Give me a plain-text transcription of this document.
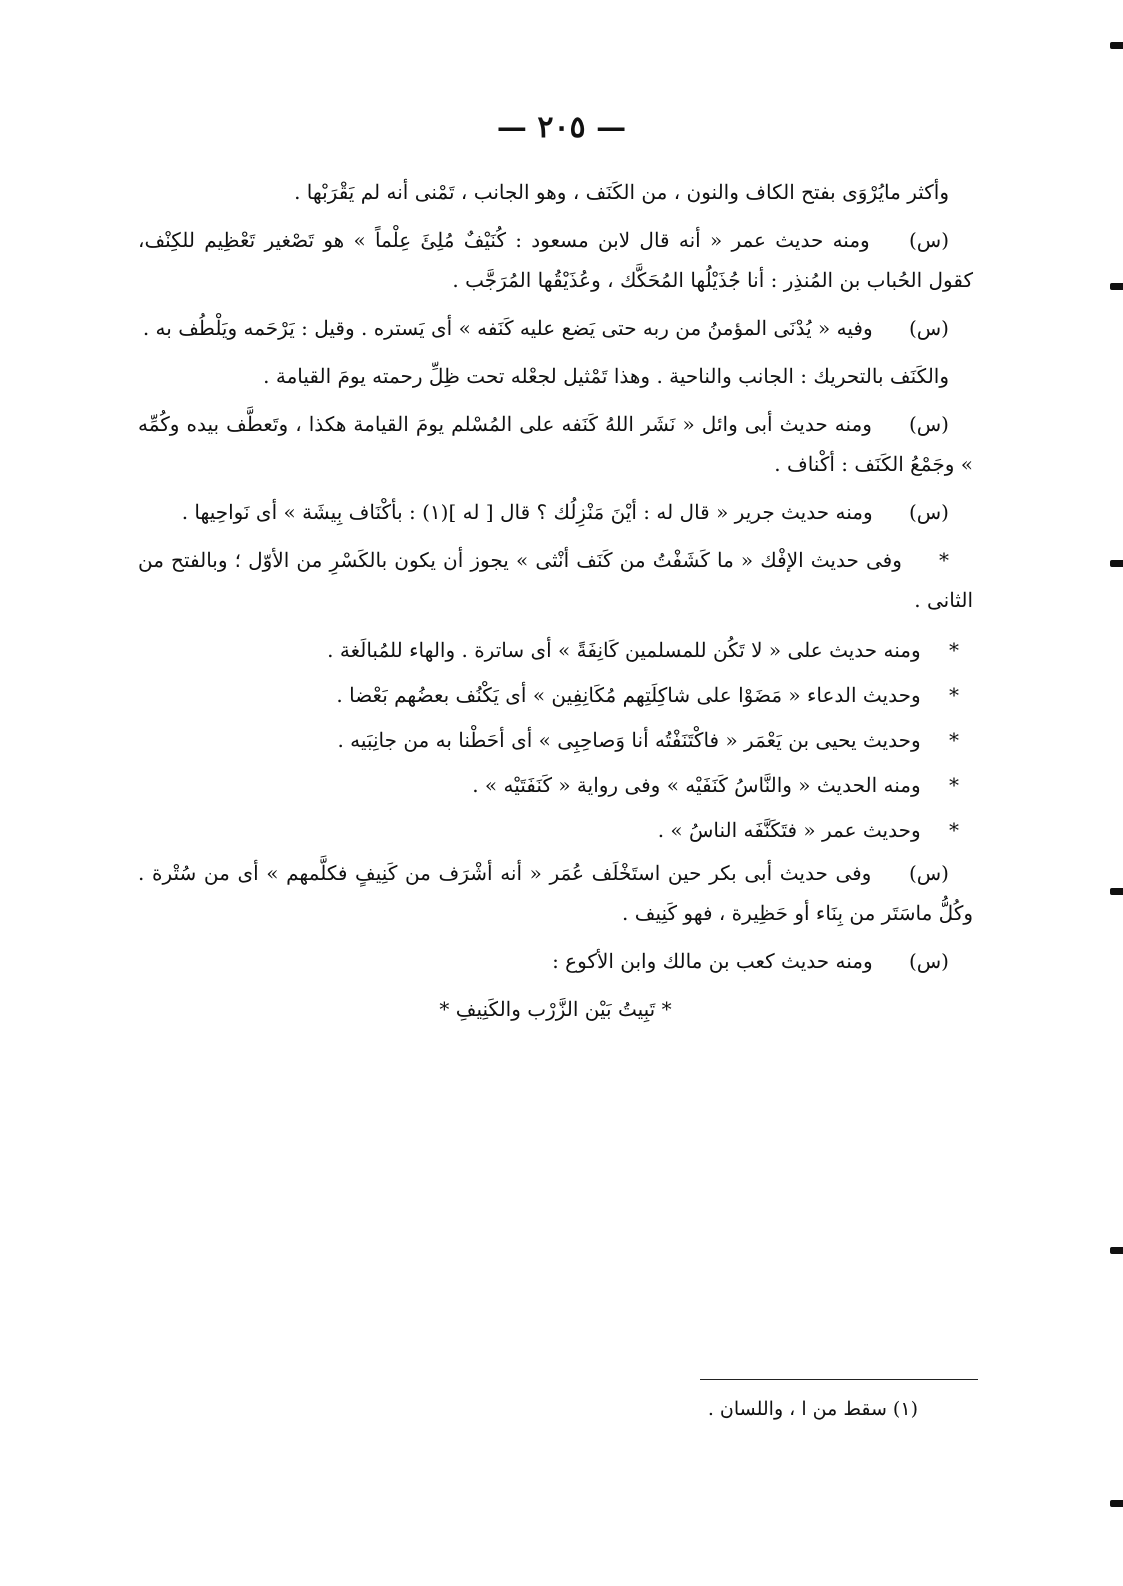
— ٢٠٥ —

وأكثر مايُرْوَى بفتح الكاف والنون ، من الكَنَف ، وهو الجانب ، تَمْنى أنه لم يَقْرَبْها .

(س) ومنه حديث عمر « أنه قال لابن مسعود : كُنَيْفٌ مُلِئَ عِلْماً » هو تَصْغير تَعْظِيم للكِنْف، كقول الحُباب بن المُنذِر : أنا جُذَيْلُها المُحَكَّك ، وعُذَيْقُها المُرَجَّب .

(س) وفيه « يُدْنَى المؤمنُ من ربه حتى يَضع عليه كَنَفه » أى يَستره . وقيل : يَرْحَمه ويَلْطُف به .

والكَنَف بالتحريك : الجانب والناحية . وهذا تَمْثيل لجعْله تحت ظِلِّ رحمته يومَ القيامة .

(س) ومنه حديث أبى وائل « نَشَر اللهُ كَنَفه على المُسْلم يومَ القيامة هكذا ، وتَعطَّف بيده وكُمِّه » وجَمْعُ الكَنَف : أكْناف .

(س) ومنه حديث جرير « قال له : أيْنَ مَنْزِلُك ؟ قال [ له ](١) : بأكْنَاف بِيشَة » أى نَواحِيها .

* وفى حديث الإفْك « ما كَشَفْتُ من كَنَف أنْثى » يجوز أن يكون بالكَسْرِ من الأوّل ؛ وبالفتح من الثانى .

* ومنه حديث على « لا تَكُن للمسلمين كَانِفَةً » أى ساترة . والهاء للمُبالَغة .
* وحديث الدعاء « مَضَوْا على شاكِلَتِهم مُكَانِفِين » أى يَكْنُف بعضُهم بَعْضا .
* وحديث يحيى بن يَعْمَر « فاكْتَنَفْتُه أنا وَصاحِبِى » أى أحَطْنا به من جانِبَيه .
* ومنه الحديث « والنَّاسُ كَنَفَيْه » وفى رواية « كَنَفَتَيْه » .
* وحديث عمر « فتَكَنَّفَه الناسُ » .

(س) وفى حديث أبى بكر حين استَخْلَف عُمَر « أنه أشْرَف من كَنِيفٍ فكلَّمهم » أى من سُتْرة . وكُلُّ ماسَتَر من بِنَاء أو حَظِيرة ، فهو كَنِيف .

(س) ومنه حديث كعب بن مالك وابن الأكوع :

* تَبِيتُ بَيْن الزَّرْب والكَنِيفِ *

(١) سقط من ا ، واللسان .
